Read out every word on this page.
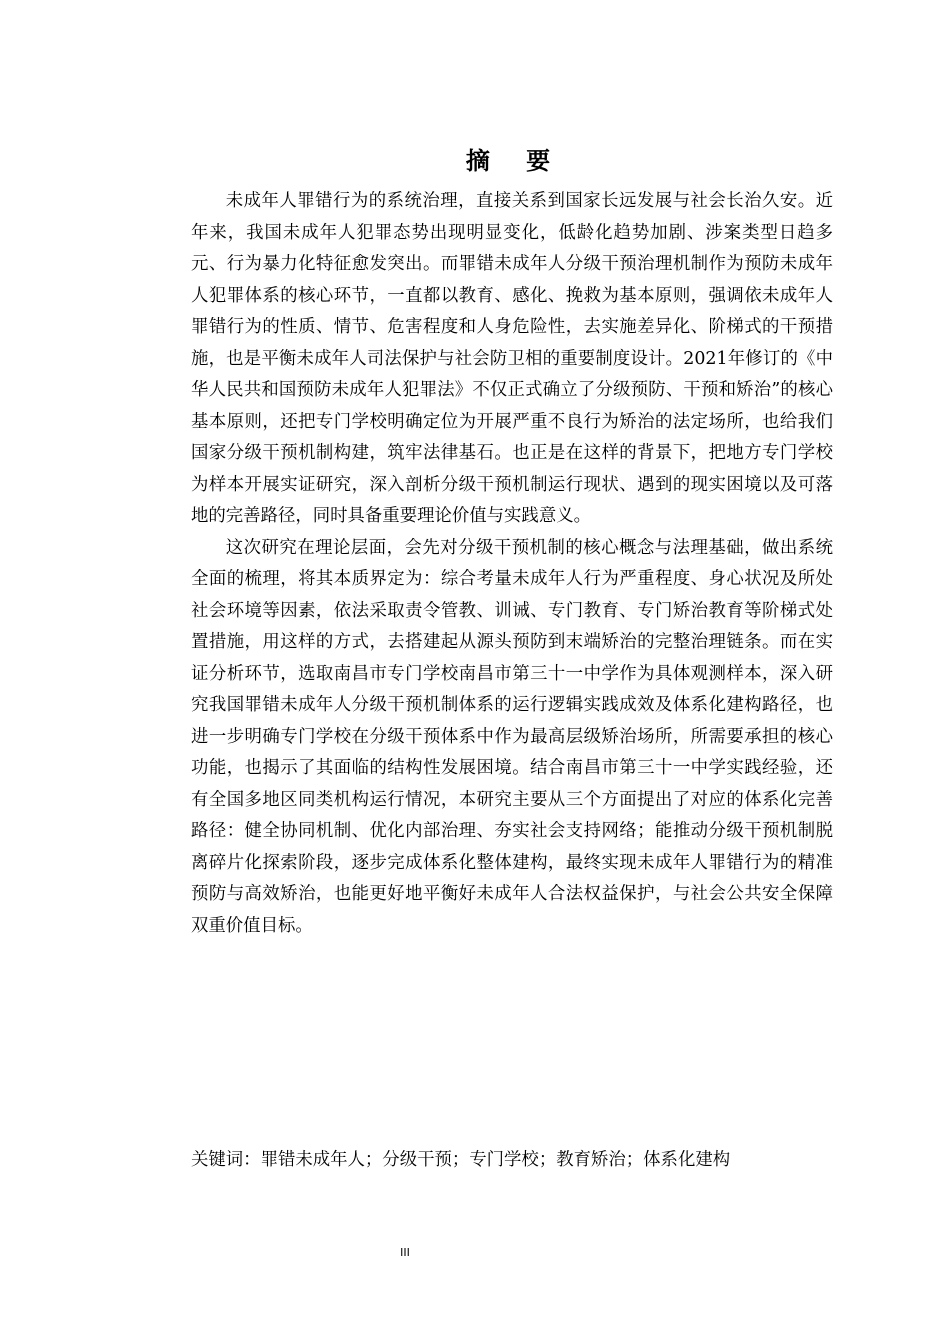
摘 要

未成年人罪错行为的系统治理，直接关系到国家长远发展与社会长治久安。近年来，我国未成年人犯罪态势出现明显变化，低龄化趋势加剧、涉案类型日趋多元、行为暴力化特征愈发突出。而罪错未成年人分级干预治理机制作为预防未成年人犯罪体系的核心环节，一直都以教育、感化、挽救为基本原则，强调依未成年人罪错行为的性质、情节、危害程度和人身危险性，去实施差异化、阶梯式的干预措施，也是平衡未成年人司法保护与社会防卫相的重要制度设计。2021年修订的《中华人民共和国预防未成年人犯罪法》不仅正式确立了分级预防、干预和矫治”的核心基本原则，还把专门学校明确定位为开展严重不良行为矫治的法定场所，也给我们国家分级干预机制构建，筑牢法律基石。也正是在这样的背景下，把地方专门学校为样本开展实证研究，深入剖析分级干预机制运行现状、遇到的现实困境以及可落地的完善路径，同时具备重要理论价值与实践意义。

这次研究在理论层面，会先对分级干预机制的核心概念与法理基础，做出系统全面的梳理，将其本质界定为：综合考量未成年人行为严重程度、身心状况及所处社会环境等因素，依法采取责令管教、训诫、专门教育、专门矫治教育等阶梯式处置措施，用这样的方式，去搭建起从源头预防到末端矫治的完整治理链条。而在实证分析环节，选取南昌市专门学校南昌市第三十一中学作为具体观测样本，深入研究我国罪错未成年人分级干预机制体系的运行逻辑实践成效及体系化建构路径，也进一步明确专门学校在分级干预体系中作为最高层级矫治场所，所需要承担的核心功能，也揭示了其面临的结构性发展困境。结合南昌市第三十一中学实践经验，还有全国多地区同类机构运行情况，本研究主要从三个方面提出了对应的体系化完善路径：健全协同机制、优化内部治理、夯实社会支持网络；能推动分级干预机制脱离碎片化探索阶段，逐步完成体系化整体建构，最终实现未成年人罪错行为的精准预防与高效矫治，也能更好地平衡好未成年人合法权益保护，与社会公共安全保障双重价值目标。

关键词：罪错未成年人；分级干预；专门学校；教育矫治；体系化建构
III
